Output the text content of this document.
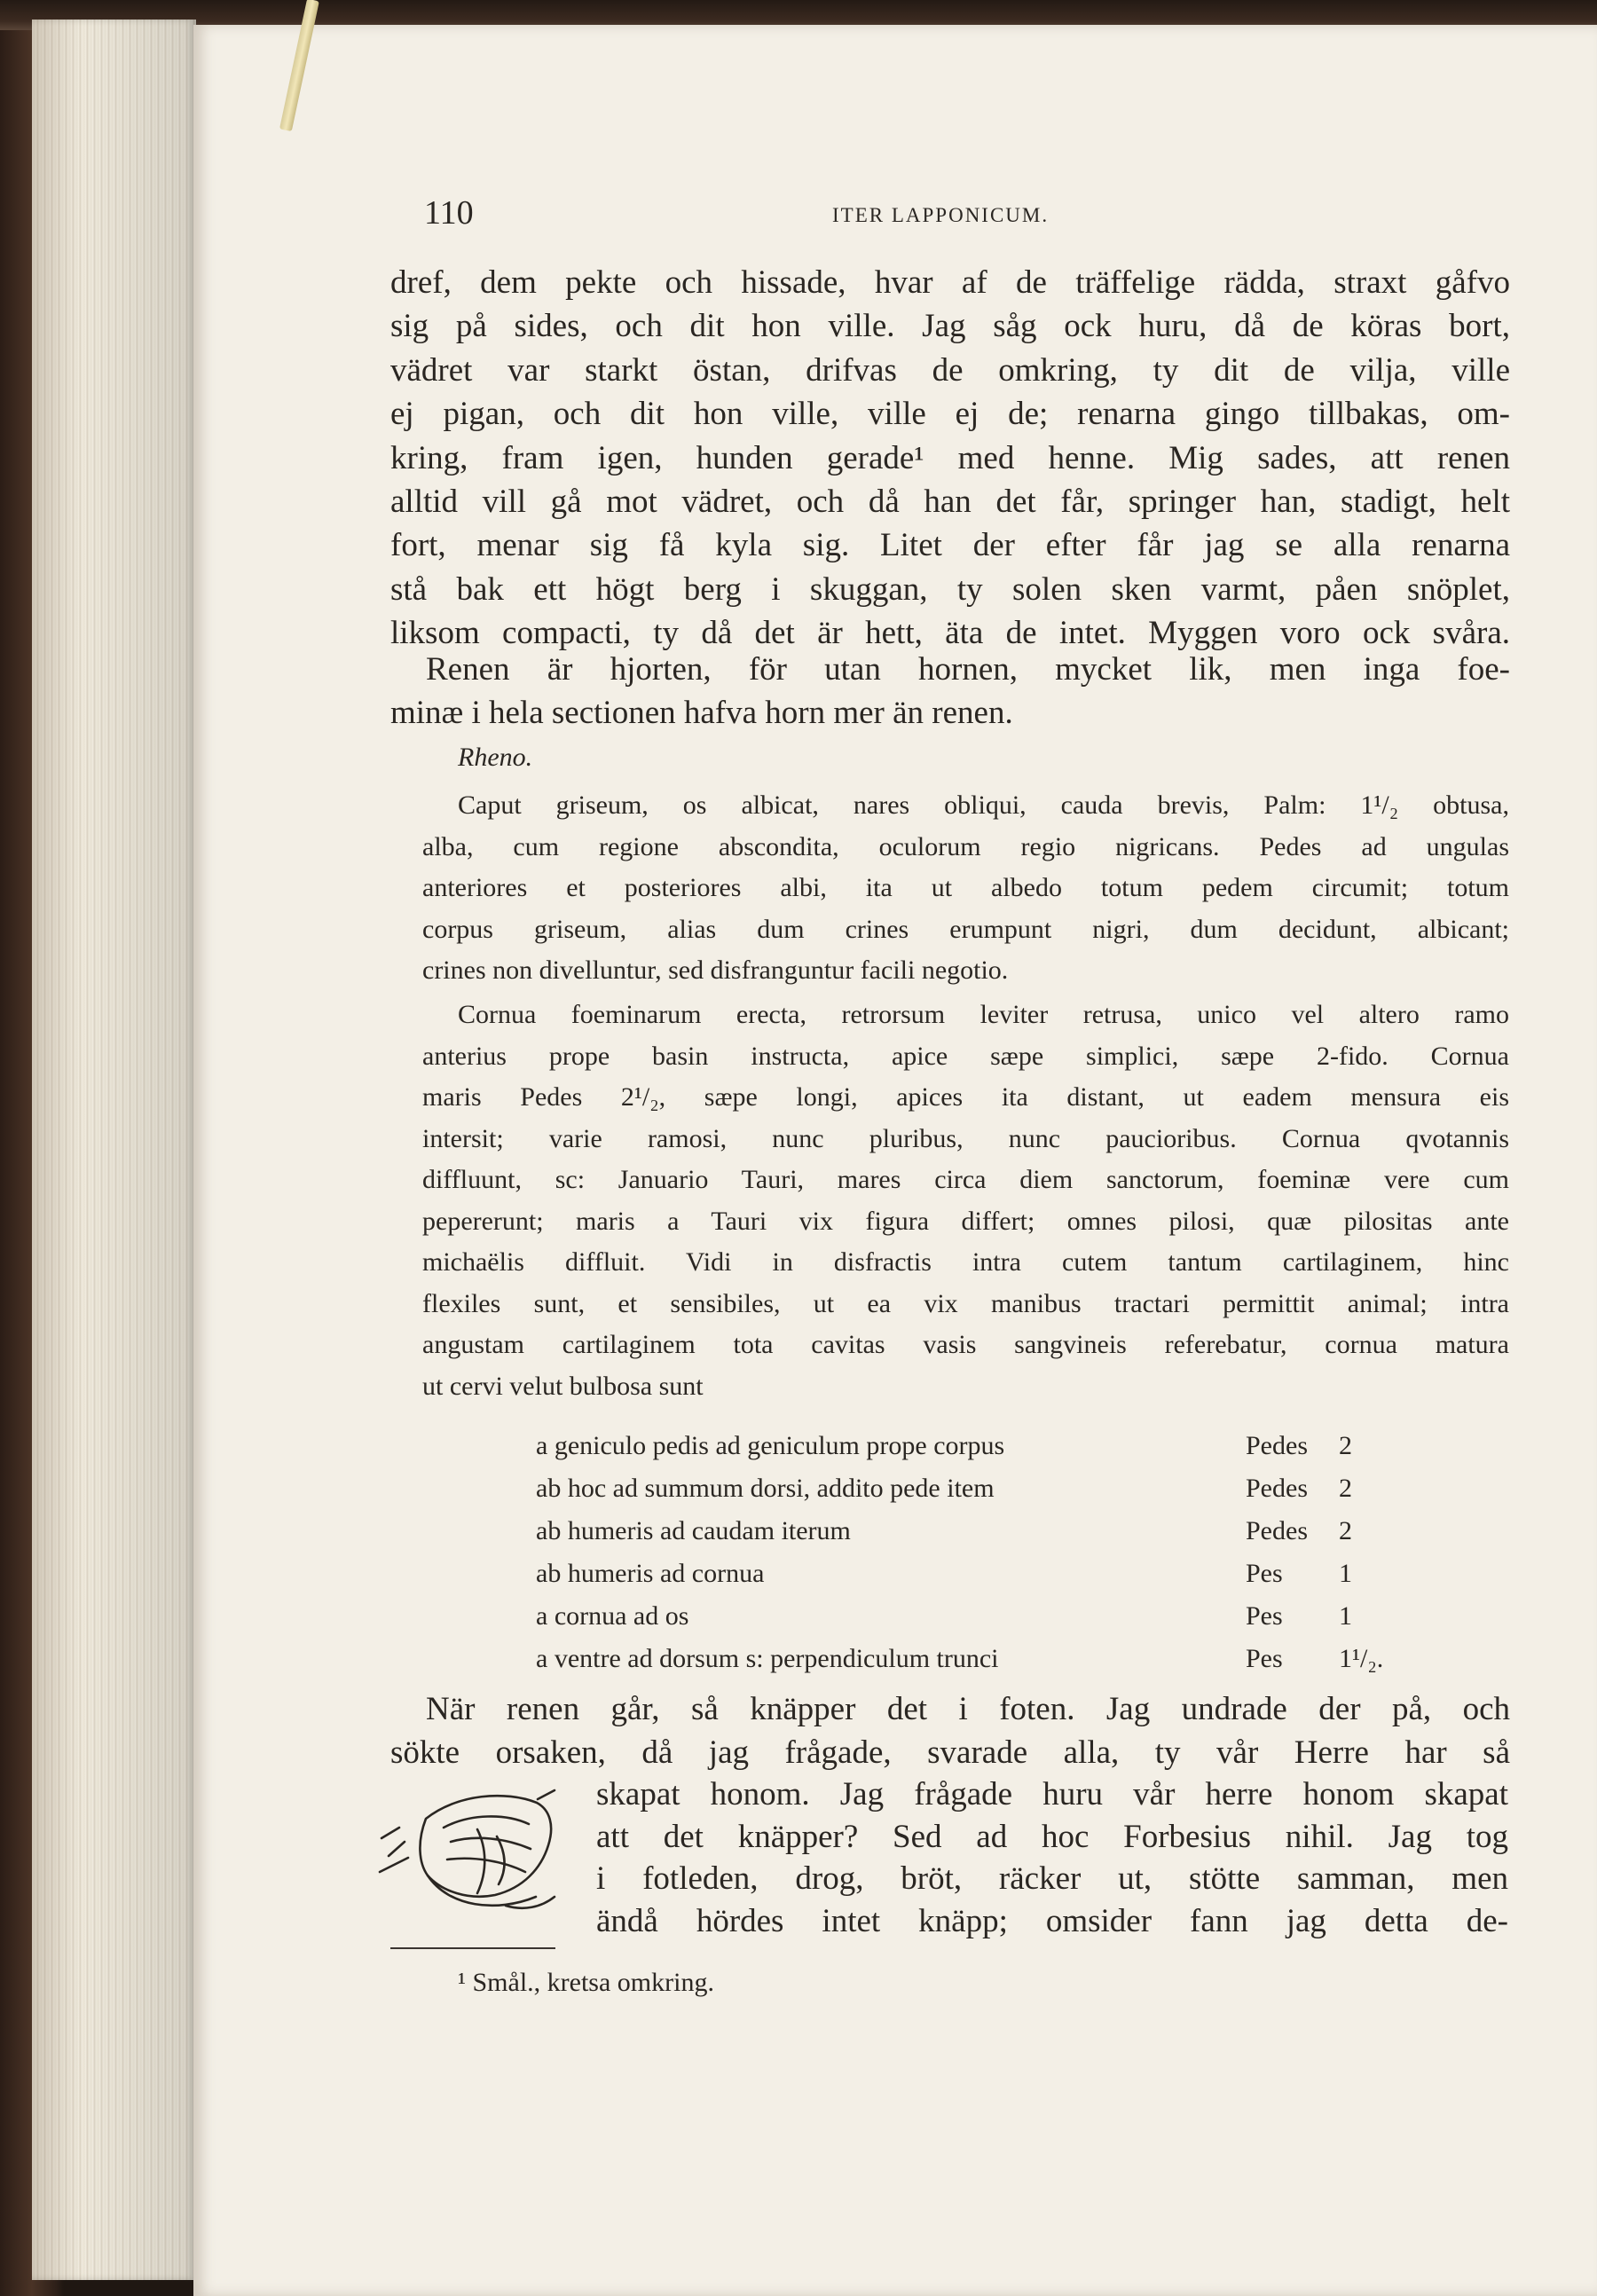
110	ITER LAPPONICUM.
dref, dem pekte och hissade, hvar af de träffelige rädda, straxt gåfvo
sig på sides, och dit hon ville. Jag såg ock huru, då de köras bort,
vädret var starkt östan, drifvas de omkring, ty dit de vilja, ville
ej pigan, och dit hon ville, ville ej de; renarna gingo tillbakas, om-
kring, fram igen, hunden gerade¹ med henne. Mig sades, att renen
alltid vill gå mot vädret, och då han det får, springer han, stadigt, helt
fort, menar sig få kyla sig. Litet der efter får jag se alla renarna
stå bak ett högt berg i skuggan, ty solen sken varmt, påen snöplet,
liksom compacti, ty då det är hett, äta de intet. Myggen voro ock svåra.
Renen är hjorten, för utan hornen, mycket lik, men inga foe-
minæ i hela sectionen hafva horn mer än renen.
Rheno.
Caput griseum, os albicat, nares obliqui, cauda brevis, Palm: 1¹/₂ obtusa,
alba, cum regione abscondita, oculorum regio nigricans. Pedes ad ungulas
anteriores et posteriores albi, ita ut albedo totum pedem circumit; totum
corpus griseum, alias dum crines erumpunt nigri, dum decidunt, albicant;
crines non divelluntur, sed disfranguntur facili negotio.
Cornua foeminarum erecta, retrorsum leviter retrusa, unico vel altero ramo
anterius prope basin instructa, apice sæpe simplici, sæpe 2-fido. Cornua
maris Pedes 2¹/₂, sæpe longi, apices ita distant, ut eadem mensura eis
intersit; varie ramosi, nunc pluribus, nunc paucioribus. Cornua qvotannis
diffluunt, sc: Januario Tauri, mares circa diem sanctorum, foeminæ vere cum
pepererunt; maris a Tauri vix figura differt; omnes pilosi, quæ pilositas ante
michaëlis diffluit. Vidi in disfractis intra cutem tantum cartilaginem, hinc
flexiles sunt, et sensibiles, ut ea vix manibus tractari permittit animal; intra
angustam cartilaginem tota cavitas vasis sangvineis referebatur, cornua matura
ut cervi velut bulbosa sunt
a geniculo pedis ad geniculum prope corpus	Pedes	2
ab hoc ad summum dorsi, addito pede item	Pedes	2
ab humeris ad caudam iterum	Pedes	2
ab humeris ad cornua	Pes	1
a cornua ad os	Pes	1
a ventre ad dorsum s: perpendiculum trunci	Pes	1¹/₂.
När renen går, så knäpper det i foten. Jag undrade der på, och
sökte orsaken, då jag frågade, svarade alla, ty vår Herre har så
skapat honom. Jag frågade huru vår herre honom skapat
att det knäpper? Sed ad hoc Forbesius nihil. Jag tog
i fotleden, drog, bröt, räcker ut, stötte samman, men
ändå hördes intet knäpp; omsider fann jag detta de-
¹ Smål., kretsa omkring.
